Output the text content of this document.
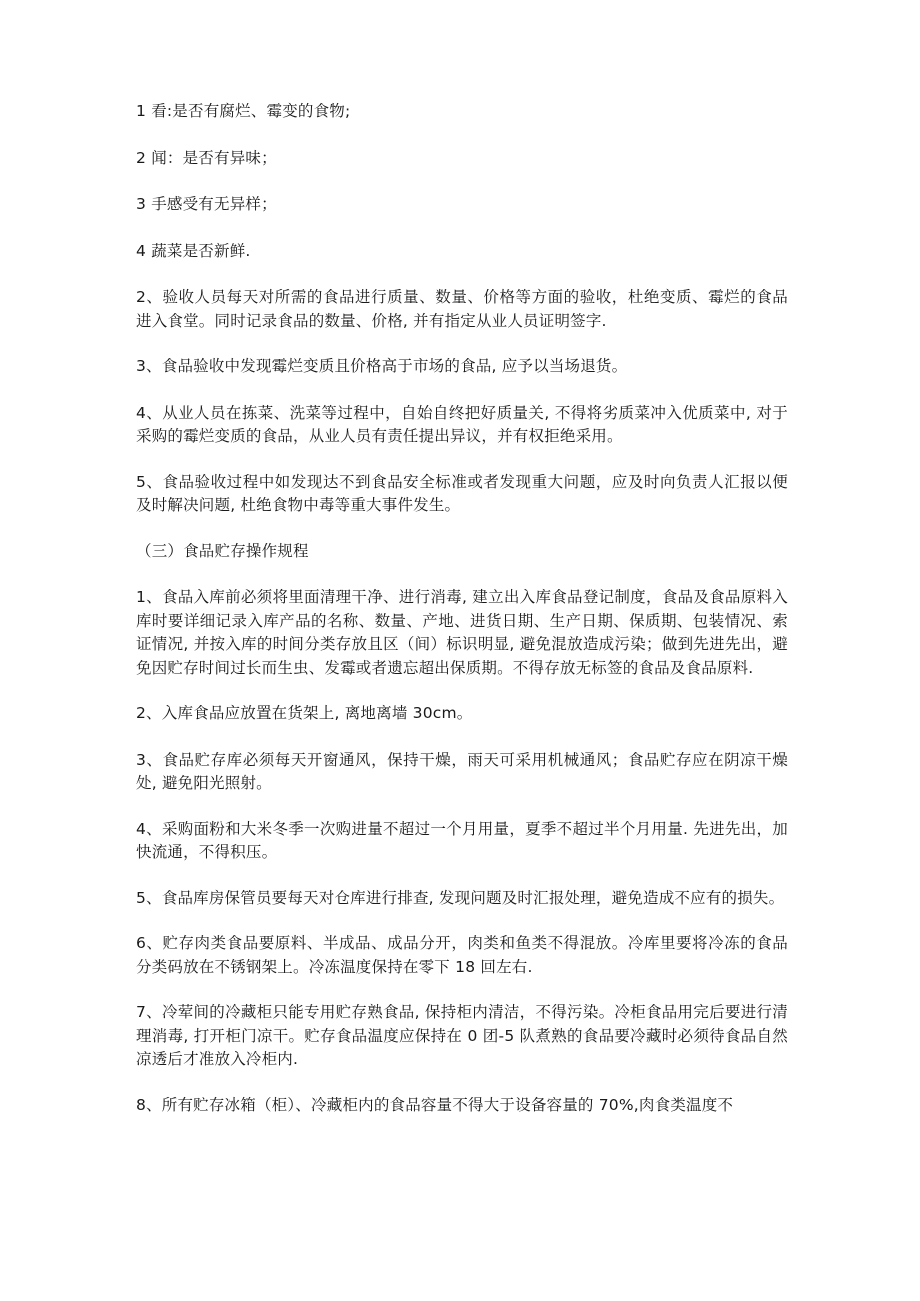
1 看:是否有腐烂、霉变的食物;

2 闻：是否有异味；

3 手感受有无异样；

4 蔬菜是否新鲜.

2、验收人员每天对所需的食品进行质量、数量、价格等方面的验收，杜绝变质、霉烂的食品进入食堂。同时记录食品的数量、价格, 并有指定从业人员证明签字.

3、食品验收中发现霉烂变质且价格高于市场的食品, 应予以当场退货。

4、从业人员在拣菜、洗菜等过程中，自始自终把好质量关, 不得将劣质菜冲入优质菜中, 对于采购的霉烂变质的食品，从业人员有责任提出异议，并有权拒绝采用。

5、食品验收过程中如发现达不到食品安全标准或者发现重大问题，应及时向负责人汇报以便及时解决问题, 杜绝食物中毒等重大事件发生。

（三）食品贮存操作规程

1、食品入库前必须将里面清理干净、进行消毒, 建立出入库食品登记制度，食品及食品原料入库时要详细记录入库产品的名称、数量、产地、进货日期、生产日期、保质期、包装情况、索证情况, 并按入库的时间分类存放且区（间）标识明显, 避免混放造成污染；做到先进先出，避免因贮存时间过长而生虫、发霉或者遗忘超出保质期。不得存放无标签的食品及食品原料.

2、入库食品应放置在货架上, 离地离墙 30cm。

3、食品贮存库必须每天开窗通风，保持干燥，雨天可采用机械通风；食品贮存应在阴凉干燥处, 避免阳光照射。

4、采购面粉和大米冬季一次购进量不超过一个月用量，夏季不超过半个月用量. 先进先出，加快流通，不得积压。

5、食品库房保管员要每天对仓库进行排查, 发现问题及时汇报处理，避免造成不应有的损失。

6、贮存肉类食品要原料、半成品、成品分开，肉类和鱼类不得混放。冷库里要将冷冻的食品分类码放在不锈钢架上。冷冻温度保持在零下 18 回左右.

7、冷荤间的冷藏柜只能专用贮存熟食品, 保持柜内清洁，不得污染。冷柜食品用完后要进行清理消毒, 打开柜门凉干。贮存食品温度应保持在 0 团-5 队煮熟的食品要冷藏时必须待食品自然凉透后才准放入冷柜内.

8、所有贮存冰箱（柜）、冷藏柜内的食品容量不得大于设备容量的 70%,肉食类温度不
